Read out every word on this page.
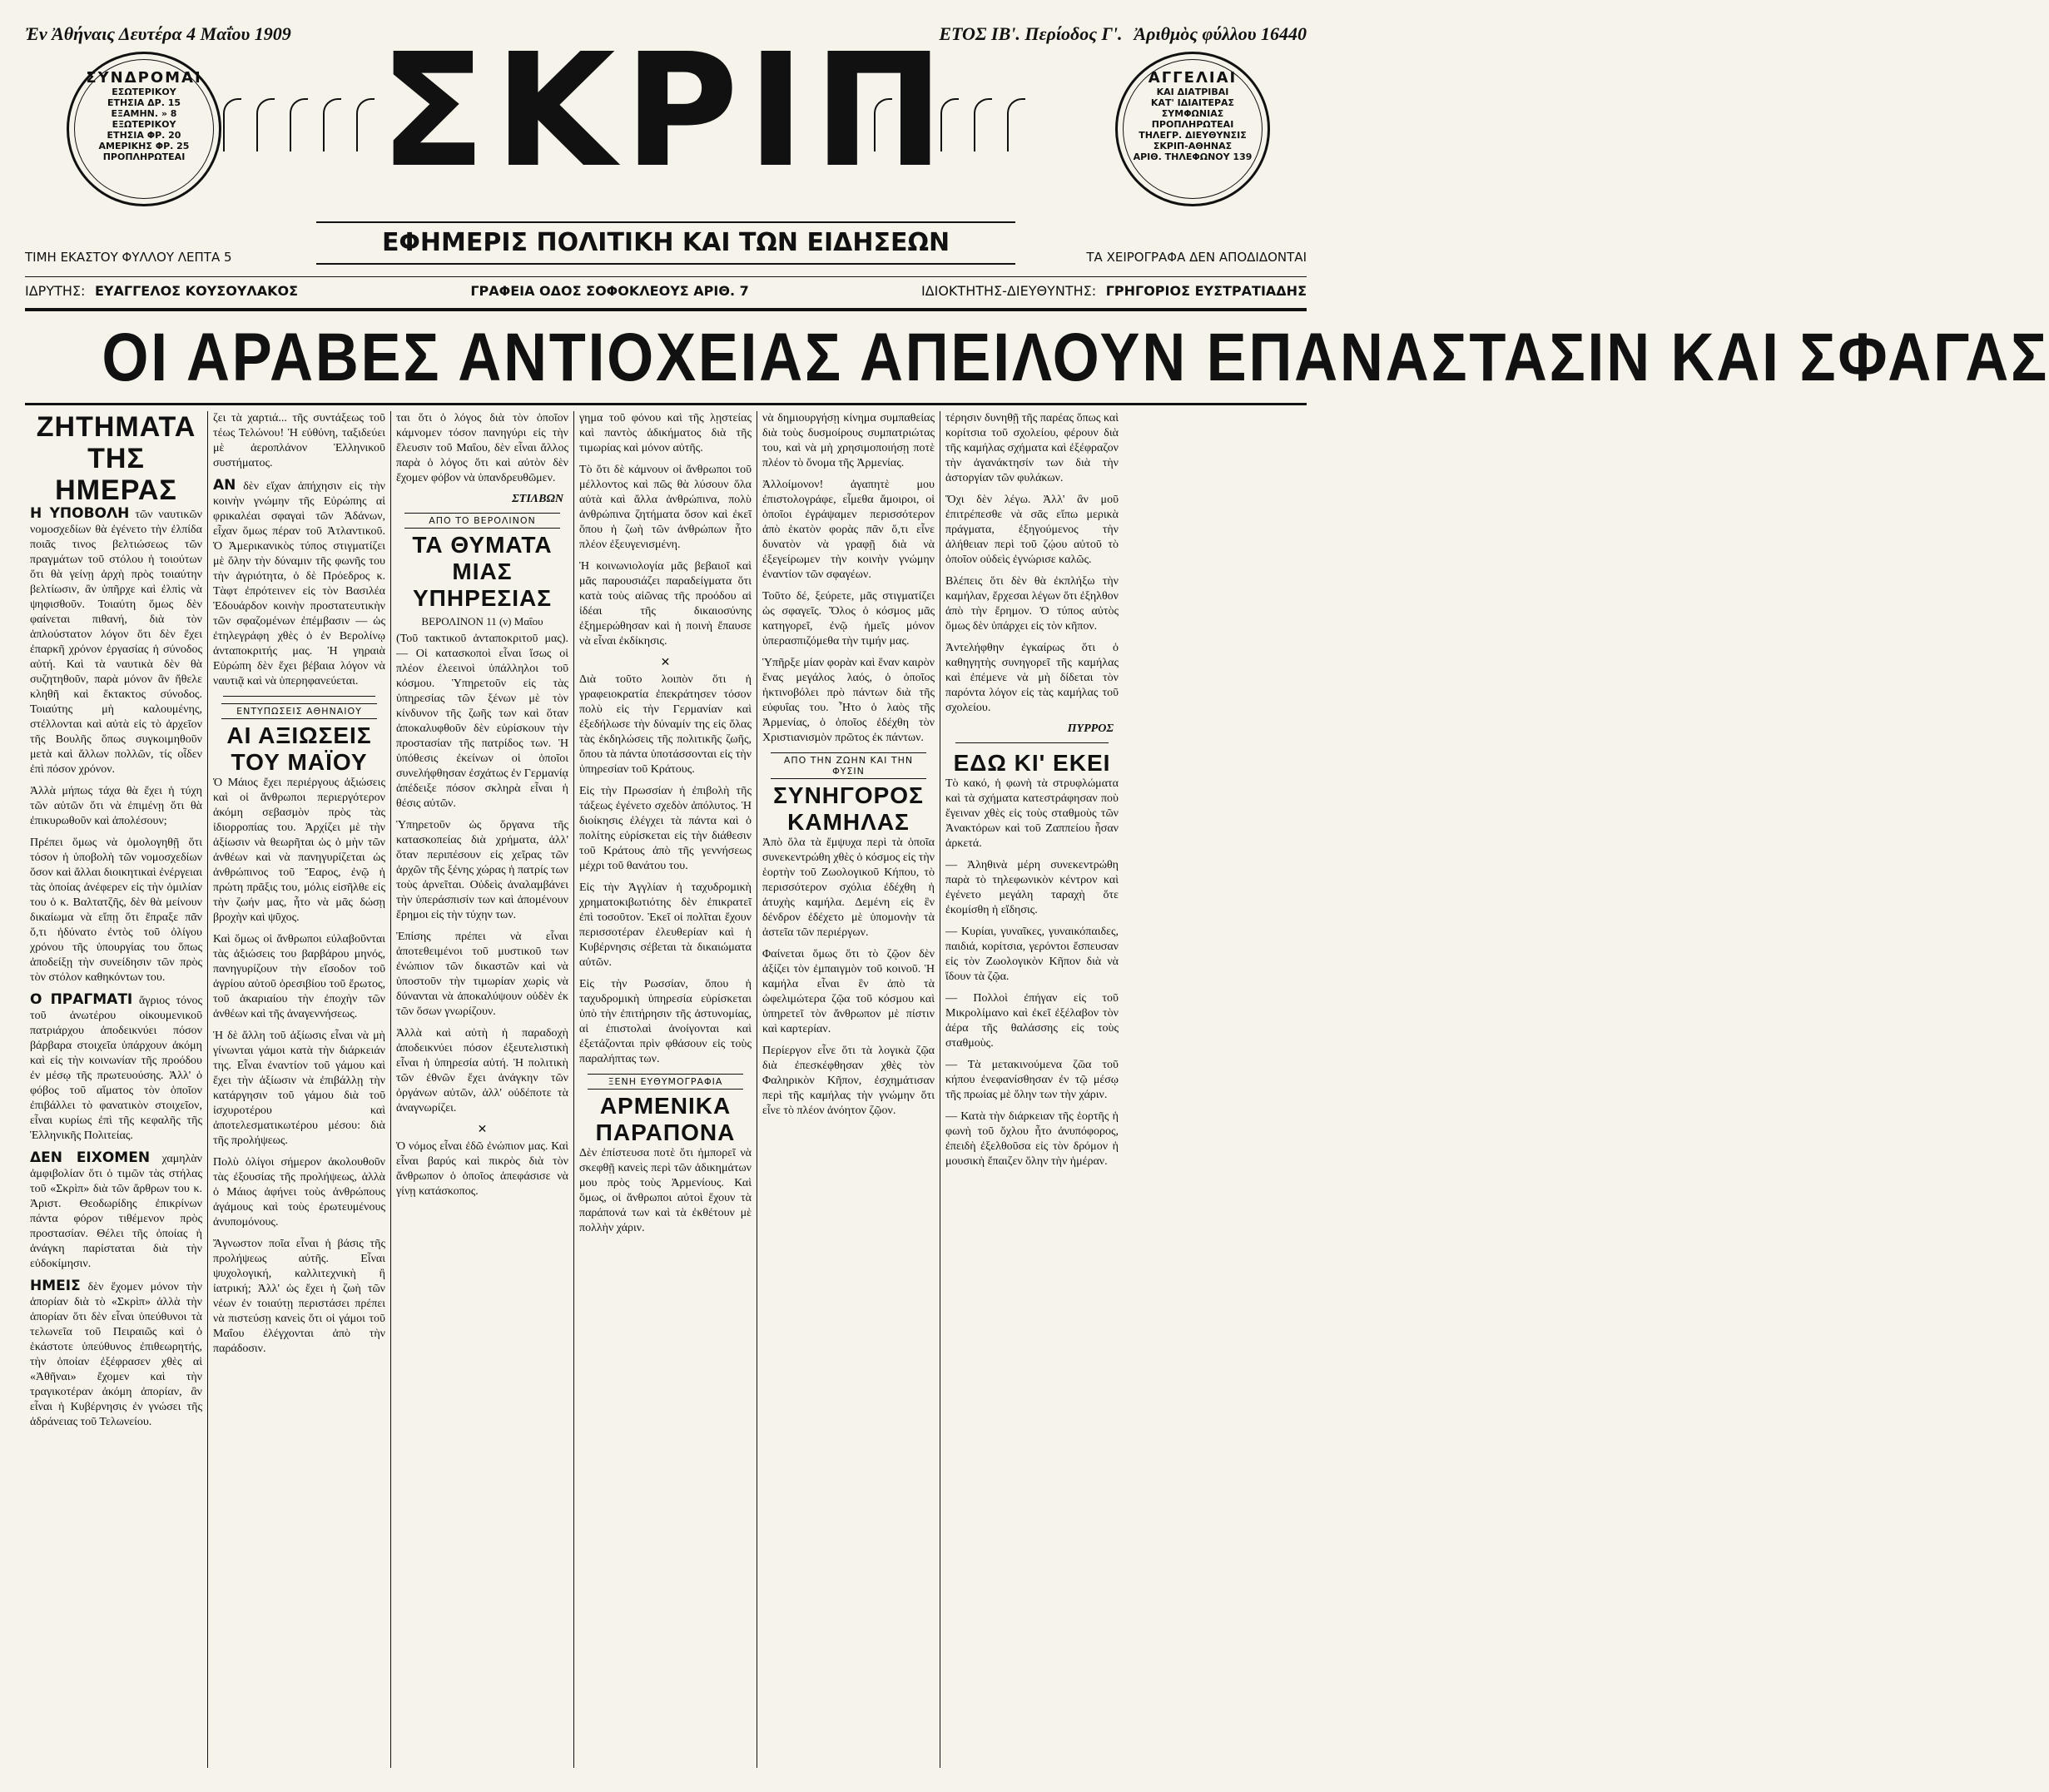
Ἐν Ἀθήναις Δευτέρα 4 Μαΐου 1909	ΕΤΟΣ ΙΒ'. Περίοδος Γ'. Ἀριθμὸς φύλλου 16440
ΣΥΝΔΡΟΜΑΙ
ΕΣΩΤΕΡΙΚΟΥ
ΕΤΗΣΙΑ ΔΡ. 15
ΕΞΑΜΗΝ. » 8
ΕΞΩΤΕΡΙΚΟΥ
ΕΤΗΣΙΑ ΦΡ. 20
ΑΜΕΡΙΚΗΣ ΦΡ. 25
ΠΡΟΠΛΗΡΩΤΕΑΙ
ΑΓΓΕΛΙΑΙ
ΚΑΙ ΔΙΑΤΡΙΒΑΙ
ΚΑΤ' ΙΔΙΑΙΤΕΡΑΣ
ΣΥΜΦΩΝΙΑΣ
ΠΡΟΠΛΗΡΩΤΕΑΙ
ΤΗΛΕΓΡ. ΔΙΕΥΘΥΝΣΙΣ
ΣΚΡΙΠ-ΑΘΗΝΑΣ
ΑΡΙΘ. ΤΗΛΕΦΩΝΟΥ 139
ΣΚΡΙΠ
ΕΦΗΜΕΡΙΣ ΠΟΛΙΤΙΚΗ ΚΑΙ ΤΩΝ ΕΙΔΗΣΕΩΝ
ΤΙΜΗ ΕΚΑΣΤΟΥ ΦΥΛΛΟΥ ΛΕΠΤΑ 5	ΤΑ ΧΕΙΡΟΓΡΑΦΑ ΔΕΝ ΑΠΟΔΙΔΟΝΤΑΙ
ΙΔΡΥΤΗΣ: ΕΥΑΓΓΕΛΟΣ ΚΟΥΣΟΥΛΑΚΟΣ	ΓΡΑΦΕΙΑ ΟΔΟΣ ΣΟΦΟΚΛΕΟΥΣ ΑΡΙΘ. 7	ΙΔΙΟΚΤΗΤΗΣ-ΔΙΕΥΘΥΝΤΗΣ: ΓΡΗΓΟΡΙΟΣ ΕΥΣΤΡΑΤΙΑΔΗΣ
ΟΙ ΑΡΑΒΕΣ ΑΝΤΙΟΧΕΙΑΣ ΑΠΕΙΛΟΥΝ ΕΠΑΝΑΣΤΑΣΙΝ ΚΑΙ ΣΦΑΓΑΣ
ΖΗΤΗΜΑΤΑ
ΤΗΣ ΗΜΕΡΑΣ

Η ΥΠΟΒΟΛΗ τῶν ναυτικῶν νομοσχεδίων θὰ ἐγένετο τὴν ἐλπίδα ποιᾶς τινος βελτιώσεως τῶν πραγμάτων τοῦ στόλου ἡ τοιούτων ὅτι θὰ γείνῃ ἀρχὴ πρὸς τοιαύτην βελτίωσιν, ἂν ὑπῆρχε καὶ ἐλπὶς νὰ ψηφισθοῦν. Τοιαύτη ὅμως δὲν φαίνεται πιθανή, διὰ τὸν ἁπλούστατον λόγον ὅτι δὲν ἔχει ἐπαρκῆ χρόνον ἐργασίας ἡ σύνοδος αὐτή. Καὶ τὰ ναυτικὰ δὲν θὰ συζητηθοῦν, παρὰ μόνον ἂν ἤθελε κληθῆ καὶ ἔκτακτος σύνοδος. Τοιαύτης μὴ καλουμένης, στέλλονται καὶ αὐτὰ εἰς τὸ ἀρχεῖον τῆς Βουλῆς ὅπως συγκοιμηθοῦν μετὰ καὶ ἄλλων πολλῶν, τίς οἶδεν ἐπὶ πόσον χρόνον.

Ἀλλὰ μήπως τάχα θὰ ἔχει ἡ τύχη τῶν αὐτῶν ὅτι νὰ ἐπιμένῃ ὅτι θὰ ἐπικυρωθοῦν καὶ ἀπολέσουν;

Πρέπει ὅμως νὰ ὁμολογηθῇ ὅτι τόσον ἡ ὑποβολὴ τῶν νομοσχεδίων ὅσον καὶ ἄλλαι διοικητικαὶ ἐνέργειαι τὰς ὁποίας ἀνέφερεν εἰς τὴν ὁμιλίαν του ὁ κ. Βαλτατζῆς, δὲν θὰ μείνουν δικαίωμα νὰ εἴπῃ ὅτι ἔπραξε πᾶν ὅ,τι ἠδύνατο ἐντὸς τοῦ ὀλίγου χρόνου τῆς ὑπουργίας του ὅπως ἀποδείξῃ τὴν συνείδησιν τῶν πρὸς τὸν στόλον καθηκόντων του.

Ο ΠΡΑΓΜΑΤΙ ἄγριος τόνος τοῦ ἀνωτέρου οἰκουμενικοῦ πατριάρχου ἀποδεικνύει πόσον βάρβαρα στοιχεῖα ὑπάρχουν ἀκόμη καὶ εἰς τὴν κοινωνίαν τῆς προόδου ἐν μέσῳ τῆς πρωτευούσης. Ἀλλ' ὁ φόβος τοῦ αἵματος τὸν ὁποῖον ἐπιβάλλει τὸ φανατικὸν στοιχεῖον, εἶναι κυρίως ἐπὶ τῆς κεφαλῆς τῆς Ἑλληνικῆς Πολιτείας.

ΔΕΝ ΕΙΧΟΜΕΝ χαμηλὰν ἀμφιβολίαν ὅτι ὁ τιμῶν τὰς στήλας τοῦ «Σκρὶπ» διὰ τῶν ἄρθρων του κ. Ἀριστ. Θεοδωρίδης ἐπικρίνων πάντα φόρον τιθέμενον πρὸς προστασίαν. Θέλει τῆς ὁποίας ἡ ἀνάγκη παρίσταται διὰ τὴν εὐδοκίμησιν.

ΗΜΕΙΣ δὲν ἔχομεν μόνον τὴν ἀπορίαν διὰ τὸ «Σκρὶπ» ἀλλὰ τὴν ἀπορίαν ὅτι δὲν εἶναι ὑπεύθυνοι τὰ τελωνεῖα τοῦ Πειραιῶς καὶ ὁ ἑκάστοτε ὑπεύθυνος ἐπιθεωρητής, τὴν ὁποίαν ἐξέφρασεν χθὲς αἱ «Ἀθῆναι» ἔχομεν καὶ τὴν τραγικοτέραν ἀκόμη ἀπορίαν, ἂν εἶναι ἡ Κυβέρνησις ἐν γνώσει τῆς ἀδράνειας τοῦ Τελωνείου.

ζει τὰ χαρτιά... τῆς συντάξεως τοῦ τέως Τελώνου! Ἡ εὐθύνη, ταξιδεύει μὲ ἀεροπλάνον Ἑλληνικοῦ συστήματος.

ΑΝ δὲν εἴχαν ἀπήχησιν εἰς τὴν κοινὴν γνώμην τῆς Εὐρώπης αἱ φρικαλέαι σφαγαὶ τῶν Ἀδάνων, εἶχαν ὅμως πέραν τοῦ Ἀτλαντικοῦ. Ὁ Ἀμερικανικὸς τύπος στιγματίζει μὲ ὅλην τὴν δύναμιν τῆς φωνῆς του τὴν ἀγριότητα, ὁ δὲ Πρόεδρος κ. Τὰφτ ἐπρότεινεν εἰς τὸν Βασιλέα Ἐδουάρδον κοινὴν προστατευτικὴν τῶν σφαζομένων ἐπέμβασιν — ὡς ἐτηλεγράφη χθὲς ὁ ἐν Βερολίνῳ ἀνταποκριτής μας. Ἡ γηραιὰ Εὐρώπη δὲν ἔχει βέβαια λόγον νὰ ναυτιᾷ καὶ νὰ ὑπερηφανεύεται.

ΕΝΤΥΠΩΣΕΙΣ ΑΘΗΝΑΙΟΥ
ΑΙ ΑΞΙΩΣΕΙΣ ΤΟΥ ΜΑΪΟΥ

Ὁ Μάιος ἔχει περιέργους ἀξιώσεις καὶ οἱ ἄνθρωποι περιεργότερον ἀκόμη σεβασμὸν πρὸς τὰς ἰδιορροπίας του. Ἀρχίζει μὲ τὴν ἀξίωσιν νὰ θεωρῆται ὡς ὁ μὴν τῶν ἀνθέων καὶ νὰ πανηγυρίζεται ὡς ἀνθρώπινος τοῦ Ἔαρος, ἐνῷ ἡ πρώτη πρᾶξις του, μόλις εἰσῆλθε εἰς τὴν ζωήν μας, ἦτο νὰ μᾶς δώσῃ βροχὴν καὶ ψῦχος.

Καὶ ὅμως οἱ ἄνθρωποι εὐλαβοῦνται τὰς ἀξιώσεις του βαρβάρου μηνός, πανηγυρίζουν τὴν εἴσοδον τοῦ ἀγρίου αὐτοῦ ὁρεσιβίου τοῦ ἔρωτος, τοῦ ἀκαριαίου τὴν ἐποχὴν τῶν ἀνθέων καὶ τῆς ἀναγεννήσεως.

Ἡ δὲ ἄλλη τοῦ ἀξίωσις εἶναι νὰ μὴ γίνωνται γάμοι κατὰ τὴν διάρκειάν της. Εἶναι ἐναντίον τοῦ γάμου καὶ ἔχει τὴν ἀξίωσιν νὰ ἐπιβάλλῃ τὴν κατάργησιν τοῦ γάμου διὰ τοῦ ἰσχυροτέρου καὶ ἀποτελεσματικωτέρου μέσου: διὰ τῆς προλήψεως.

Πολὺ ὀλίγοι σήμερον ἀκολουθοῦν τὰς ἐξουσίας τῆς προλήψεως, ἀλλὰ ὁ Μάιος ἀφήνει τοὺς ἀνθρώπους ἀγάμους καὶ τοὺς ἐρωτευμένους ἀνυπομόνους.

Ἄγνωστον ποῖα εἶναι ἡ βάσις τῆς προλήψεως αὐτῆς. Εἶναι ψυχολογική, καλλιτεχνικὴ ἢ ἰατρική; Ἀλλ' ὡς ἔχει ἡ ζωὴ τῶν νέων ἐν τοιαύτῃ περιστάσει πρέπει νὰ πιστεύσῃ κανεὶς ὅτι οἱ γάμοι τοῦ Μαΐου ἐλέγχονται ἀπὸ τὴν παράδοσιν.

ται ὅτι ὁ λόγος διὰ τὸν ὁποῖον κάμνομεν τόσον πανηγύρι εἰς τὴν ἔλευσιν τοῦ Μαΐου, δὲν εἶναι ἄλλος παρὰ ὁ λόγος ὅτι καὶ αὐτὸν δὲν ἔχομεν φόβον νὰ ὑπανδρευθῶμεν.

ΣΤΙΛΒΩΝ
ΑΠΟ ΤΟ ΒΕΡΟΛΙΝΟΝ
ΤΑ ΘΥΜΑΤΑ
ΜΙΑΣ ΥΠΗΡΕΣΙΑΣ
ΒΕΡΟΛΙΝΟΝ 11 (ν) Μαΐου

(Τοῦ τακτικοῦ ἀνταποκριτοῦ μας). — Οἱ κατασκοποὶ εἶναι ἴσως οἱ πλέον ἐλεεινοὶ ὑπάλληλοι τοῦ κόσμου. Ὑπηρετοῦν εἰς τὰς ὑπηρεσίας τῶν ξένων μὲ τὸν κίνδυνον τῆς ζωῆς των καὶ ὅταν ἀποκαλυφθοῦν δὲν εὑρίσκουν τὴν προστασίαν τῆς πατρίδος των. Ἡ ὑπόθεσις ἐκείνων οἱ ὁποῖοι συνελήφθησαν ἐσχάτως ἐν Γερμανίᾳ ἀπέδειξε πόσον σκληρὰ εἶναι ἡ θέσις αὐτῶν.

Ὑπηρετοῦν ὡς ὄργανα τῆς κατασκοπείας διὰ χρήματα, ἀλλ' ὅταν περιπέσουν εἰς χεῖρας τῶν ἀρχῶν τῆς ξένης χώρας ἡ πατρίς των τοὺς ἀρνεῖται. Οὐδεὶς ἀναλαμβάνει τὴν ὑπεράσπισίν των καὶ ἀπομένουν ἔρημοι εἰς τὴν τύχην των.

Ἐπίσης πρέπει νὰ εἶναι ἀποτεθειμένοι τοῦ μυστικοῦ των ἐνώπιον τῶν δικαστῶν καὶ νὰ ὑποστοῦν τὴν τιμωρίαν χωρὶς νὰ δύνανται νὰ ἀποκαλύψουν οὐδὲν ἐκ τῶν ὅσων γνωρίζουν.

Ἀλλὰ καὶ αὐτὴ ἡ παραδοχὴ ἀποδεικνύει πόσον ἐξευτελιστικὴ εἶναι ἡ ὑπηρεσία αὐτή. Ἡ πολιτικὴ τῶν ἐθνῶν ἔχει ἀνάγκην τῶν ὀργάνων αὐτῶν, ἀλλ' οὐδέποτε τὰ ἀναγνωρίζει.

✕

Ὁ νόμος εἶναι ἐδῶ ἐνώπιον μας. Καὶ εἶναι βαρύς καὶ πικρὸς διὰ τὸν ἄνθρωπον ὁ ὁποῖος ἀπεφάσισε νὰ γίνῃ κατάσκοπος.

γημα τοῦ φόνου καὶ τῆς λῃστείας καὶ παντὸς ἀδικήματος διὰ τῆς τιμωρίας καὶ μόνον αὐτῆς.

Τὸ ὅτι δὲ κάμνουν οἱ ἄνθρωποι τοῦ μέλλοντος καὶ πῶς θὰ λύσουν ὅλα αὐτὰ καὶ ἄλλα ἀνθρώπινα, πολὺ ἀνθρώπινα ζητήματα ὅσον καὶ ἐκεῖ ὅπου ἡ ζωὴ τῶν ἀνθρώπων ἦτο πλέον ἐξευγενισμένη.

Ἡ κοινωνιολογία μᾶς βεβαιοῖ καὶ μᾶς παρουσιάζει παραδείγματα ὅτι κατὰ τοὺς αἰῶνας τῆς προόδου αἱ ἰδέαι τῆς δικαιοσύνης ἐξημερώθησαν καὶ ἡ ποινὴ ἔπαυσε νὰ εἶναι ἐκδίκησις.

✕

Διὰ τοῦτο λοιπὸν ὅτι ἡ γραφειοκρατία ἐπεκράτησεν τόσον πολὺ εἰς τὴν Γερμανίαν καὶ ἐξεδήλωσε τὴν δύναμίν της εἰς ὅλας τὰς ἐκδηλώσεις τῆς πολιτικῆς ζωῆς, ὅπου τὰ πάντα ὑποτάσσονται εἰς τὴν ὑπηρεσίαν τοῦ Κράτους.

Εἰς τὴν Πρωσσίαν ἡ ἐπιβολὴ τῆς τάξεως ἐγένετο σχεδὸν ἀπόλυτος. Ἡ διοίκησις ἐλέγχει τὰ πάντα καὶ ὁ πολίτης εὑρίσκεται εἰς τὴν διάθεσιν τοῦ Κράτους ἀπὸ τῆς γεννήσεως μέχρι τοῦ θανάτου του.

Εἰς τὴν Ἀγγλίαν ἡ ταχυδρομικὴ χρηματοκιβωτιότης δὲν ἐπικρατεῖ ἐπὶ τοσοῦτον. Ἐκεῖ οἱ πολῖται ἔχουν περισσοτέραν ἐλευθερίαν καὶ ἡ Κυβέρνησις σέβεται τὰ δικαιώματα αὐτῶν.

Εἰς τὴν Ρωσσίαν, ὅπου ἡ ταχυδρομικὴ ὑπηρεσία εὑρίσκεται ὑπὸ τὴν ἐπιτήρησιν τῆς ἀστυνομίας, αἱ ἐπιστολαὶ ἀνοίγονται καὶ ἐξετάζονται πρὶν φθάσουν εἰς τοὺς παραλήπτας των.

ΞΕΝΗ ΕΥΘΥΜΟΓΡΑΦΙΑ
ΑΡΜΕΝΙΚΑ ΠΑΡΑΠΟΝΑ

Δὲν ἐπίστευσα ποτὲ ὅτι ἠμπορεῖ νὰ σκεφθῇ κανεὶς περὶ τῶν ἀδικημάτων μου πρὸς τοὺς Ἀρμενίους. Καὶ ὅμως, οἱ ἄνθρωποι αὐτοὶ ἔχουν τὰ παράπονά των καὶ τὰ ἐκθέτουν μὲ πολλὴν χάριν.

νὰ δημιουργήσῃ κίνημα συμπαθείας διὰ τοὺς δυσμοίρους συμπατριώτας του, καὶ νὰ μὴ χρησιμοποιήσῃ ποτὲ πλέον τὸ ὄνομα τῆς Ἀρμενίας.

Ἀλλοίμονον! ἀγαπητὲ μου ἐπιστολογράφε, εἶμεθα ἄμοιροι, οἱ ὁποῖοι ἐγράψαμεν περισσότερον ἀπὸ ἑκατὸν φορὰς πᾶν ὅ,τι εἶνε δυνατὸν νὰ γραφῇ διὰ νὰ ἐξεγείρωμεν τὴν κοινὴν γνώμην ἐναντίον τῶν σφαγέων.

Τοῦτο δέ, ξεύρετε, μᾶς στιγματίζει ὡς σφαγεῖς. Ὅλος ὁ κόσμος μᾶς κατηγορεῖ, ἐνῷ ἡμεῖς μόνον ὑπερασπιζόμεθα τὴν τιμήν μας.

Ὑπῆρξε μίαν φορὰν καὶ ἕναν καιρὸν ἕνας μεγάλος λαός, ὁ ὁποῖος ἠκτινοβόλει πρὸ πάντων διὰ τῆς εὐφυΐας του. Ἦτο ὁ λαὸς τῆς Ἀρμενίας, ὁ ὁποῖος ἐδέχθη τὸν Χριστιανισμὸν πρῶτος ἐκ πάντων.

ΑΠΟ ΤΗΝ ΖΩΗΝ ΚΑΙ ΤΗΝ ΦΥΣΙΝ
ΣΥΝΗΓΟΡΟΣ ΚΑΜΗΛΑΣ

Ἀπὸ ὅλα τὰ ἔμψυχα περὶ τὰ ὁποῖα συνεκεντρώθη χθὲς ὁ κόσμος εἰς τὴν ἑορτὴν τοῦ Ζωολογικοῦ Κήπου, τὸ περισσότερον σχόλια ἐδέχθη ἡ ἀτυχὴς καμήλα. Δεμένη εἰς ἓν δένδρον ἐδέχετο μὲ ὑπομονὴν τὰ ἀστεῖα τῶν περιέργων.

Φαίνεται ὅμως ὅτι τὸ ζῷον δὲν ἀξίζει τὸν ἐμπαιγμὸν τοῦ κοινοῦ. Ἡ καμήλα εἶναι ἓν ἀπὸ τὰ ὠφελιμώτερα ζῷα τοῦ κόσμου καὶ ὑπηρετεῖ τὸν ἄνθρωπον μὲ πίστιν καὶ καρτερίαν.

Περίεργον εἶνε ὅτι τὰ λογικὰ ζῷα διὰ ἐπεσκέφθησαν χθὲς τὸν Φαληρικὸν Κῆπον, ἐσχημάτισαν περὶ τῆς καμήλας τὴν γνώμην ὅτι εἶνε τὸ πλέον ἀνόητον ζῷον.

τέρησιν δυνηθῇ τῆς παρέας ὅπως καὶ κορίτσια τοῦ σχολείου, φέρουν διὰ τῆς καμήλας σχήματα καὶ ἐξέφραζον τὴν ἀγανάκτησίν των διὰ τὴν ἀστοργίαν τῶν φυλάκων.

Ὅχι δὲν λέγω. Ἀλλ' ἂν μοῦ ἐπιτρέπεσθε νὰ σᾶς εἴπω μερικὰ πράγματα, ἐξηγούμενος τὴν ἀλήθειαν περὶ τοῦ ζῴου αὐτοῦ τὸ ὁποῖον οὐδεὶς ἐγνώρισε καλῶς.

Βλέπεις ὅτι δὲν θὰ ἐκπλήξω τὴν καμήλαν, ἔρχεσαι λέγων ὅτι ἐξηλθον ἀπὸ τὴν ἔρημον. Ὁ τύπος αὐτὸς ὅμως δὲν ὑπάρχει εἰς τὸν κῆπον.

Ἀντελήφθην ἐγκαίρως ὅτι ὁ καθηγητὴς συνηγορεῖ τῆς καμήλας καὶ ἐπέμενε νὰ μὴ δίδεται τὸν παρόντα λόγον εἰς τὰς καμήλας τοῦ σχολείου.

ΠΥΡΡΟΣ
ΕΔΩ ΚΙ' ΕΚΕΙ

Τὸ κακό, ἡ φωνὴ τὰ στρυφλώματα καὶ τὰ σχήματα κατεστράφησαν ποὺ ἔγειναν χθὲς εἰς τοὺς σταθμοὺς τῶν Ἀνακτόρων καὶ τοῦ Ζαππείου ἦσαν ἀρκετά.

— Ἀληθινὰ μέρη συνεκεντρώθη παρὰ τὸ τηλεφωνικὸν κέντρον καὶ ἐγένετο μεγάλη ταραχὴ ὅτε ἐκομίσθη ἡ εἴδησις.

— Κυρίαι, γυναῖκες, γυναικόπαιδες, παιδιά, κορίτσια, γερόντοι ἔσπευσαν εἰς τὸν Ζωολογικὸν Κῆπον διὰ νὰ ἴδουν τὰ ζῷα.

— Πολλοὶ ἐπήγαν εἰς τοῦ Μικρολίμανο καὶ ἐκεῖ ἐξέλαβον τὸν ἀέρα τῆς θαλάσσης εἰς τοὺς σταθμοὺς.

— Τὰ μετακινούμενα ζῶα τοῦ κήπου ἐνεφανίσθησαν ἐν τῷ μέσῳ τῆς πρωίας μὲ ὅλην των τὴν χάριν.

— Κατὰ τὴν διάρκειαν τῆς ἑορτῆς ἡ φωνὴ τοῦ ὄχλου ἦτο ἀνυπόφορος, ἐπειδὴ ἐξελθοῦσα εἰς τὸν δρόμον ἡ μουσικὴ ἔπαιζεν ὅλην τὴν ἡμέραν.
